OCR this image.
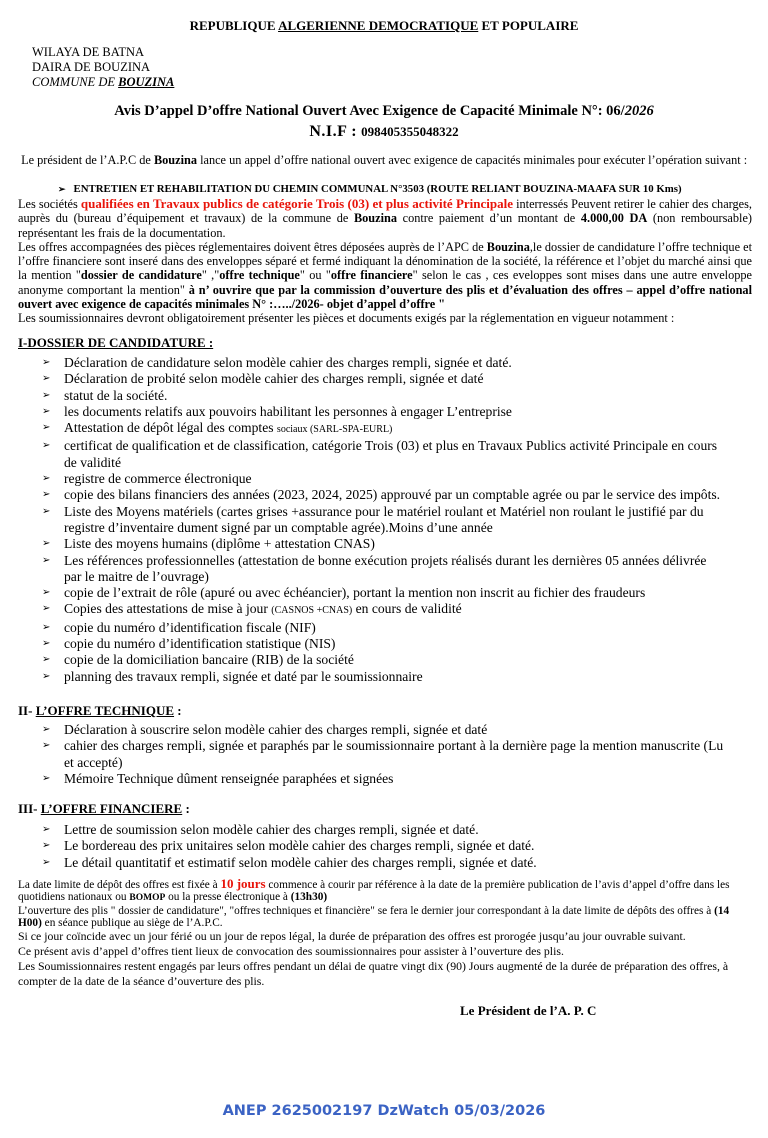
REPUBLIQUE ALGERIENNE DEMOCRATIQUE ET POPULAIRE
WILAYA DE BATNA
DAIRA DE BOUZINA
COMMUNE DE BOUZINA
Avis D’appel D’offre National Ouvert Avec Exigence de Capacité Minimale N°: 06/2026
N.I.F : 098405355048322

Le président de l’A.P.C de Bouzina lance un appel d’offre national ouvert avec exigence de capacités minimales pour exécuter l’opération suivant :

➢ ENTRETIEN ET REHABILITATION DU CHEMIN COMMUNAL N°3503 (ROUTE RELIANT BOUZINA-MAAFA SUR 10 Kms)

Les sociétés qualifiées en Travaux publics de catégorie Trois (03) et plus activité Principale interressés Peuvent retirer le cahier des charges, auprès du (bureau d’équipement et travaux) de la commune de Bouzina contre paiement d’un montant de 4.000,00 DA (non remboursable) représentant les frais de la documentation.

Les offres accompagnées des pièces réglementaires doivent êtres déposées auprès de l’APC de Bouzina,le dossier de candidature l’offre technique et l’offre financiere sont inseré dans des enveloppes séparé et fermé indiquant la dénomination de la société, la référence et l’objet du marché ainsi que la mention "dossier de candidature" ,"offre technique" ou "offre financiere" selon le cas , ces eveloppes sont mises dans une autre enveloppe anonyme comportant la mention" à n’ ouvrire que par la commission d’ouverture des plis et d’évaluation des offres – appel d’offre national ouvert avec exigence de capacités minimales N° :…../2026- objet d’appel d’offre "

Les soumissionnaires devront obligatoirement présenter les pièces et documents exigés par la réglementation en vigueur notamment :

I-DOSSIER DE CANDIDATURE :
➢ Déclaration de candidature selon modèle cahier des charges rempli, signée et daté.
➢ Déclaration de probité selon modèle cahier des charges rempli, signée et daté
➢ statut de la société.
➢ les documents relatifs aux pouvoirs habilitant les personnes à engager L’entreprise
➢ Attestation de dépôt légal des comptes sociaux (SARL-SPA-EURL)
➢ certificat de qualification et de classification, catégorie Trois (03) et plus en Travaux Publics activité Principale en cours de validité
➢ registre de commerce électronique
➢ copie des bilans financiers des années (2023, 2024, 2025) approuvé par un comptable agrée ou par le service des impôts.
➢ Liste des Moyens matériels (cartes grises +assurance pour le matériel roulant et Matériel non roulant le justifié par du registre d’inventaire dument signé par un comptable agrée).Moins d’une année
➢ Liste des moyens humains (diplôme + attestation CNAS)
➢ Les références professionnelles (attestation de bonne exécution projets réalisés durant les dernières 05 années délivrée par le maitre de l’ouvrage)
➢ copie de l’extrait de rôle (apuré ou avec échéancier), portant la mention non inscrit au fichier des fraudeurs
➢ Copies des attestations de mise à jour (CASNOS +CNAS) en cours de validité
➢ copie du numéro d’identification fiscale (NIF)
➢ copie du numéro d’identification statistique (NIS)
➢ copie de la domiciliation bancaire (RIB) de la société
➢ planning des travaux rempli, signée et daté par le soumissionnaire
II- L’OFFRE TECHNIQUE :
➢ Déclaration à souscrire selon modèle cahier des charges rempli, signée et daté
➢ cahier des charges rempli, signée et paraphés par le soumissionnaire portant à la dernière page la mention manuscrite (Lu et accepté)
➢ Mémoire Technique dûment renseignée paraphées et signées
III- L’OFFRE FINANCIERE :
➢ Lettre de soumission selon modèle cahier des charges rempli, signée et daté.
➢ Le bordereau des prix unitaires selon modèle cahier des charges rempli, signée et daté.
➢ Le détail quantitatif et estimatif selon modèle cahier des charges rempli, signée et daté.

La date limite de dépôt des offres est fixée à 10 jours commence à courir par référence à la date de la première publication de l’avis d’appel d’offre dans les quotidiens nationaux ou BOMOP ou la presse électronique à (13h30)

L’ouverture des plis " dossier de candidature", "offres techniques et financière" se fera le dernier jour correspondant à la date limite de dépôts des offres à (14 H00) en séance publique au siège de l’A.P.C.

Si ce jour coïncide avec un jour férié ou un jour de repos légal, la durée de préparation des offres est prorogée jusqu’au jour ouvrable suivant.

Ce présent avis d’appel d’offres tient lieux de convocation des soumissionnaires pour assister à l’ouverture des plis.

Les Soumissionnaires restent engagés par leurs offres pendant un délai de quatre vingt dix (90) Jours augmenté de la durée de préparation des offres, à compter de la date de la séance d’ouverture des plis.

Le Président de l’A. P. C
ANEP 2625002197 DzWatch 05/03/2026
